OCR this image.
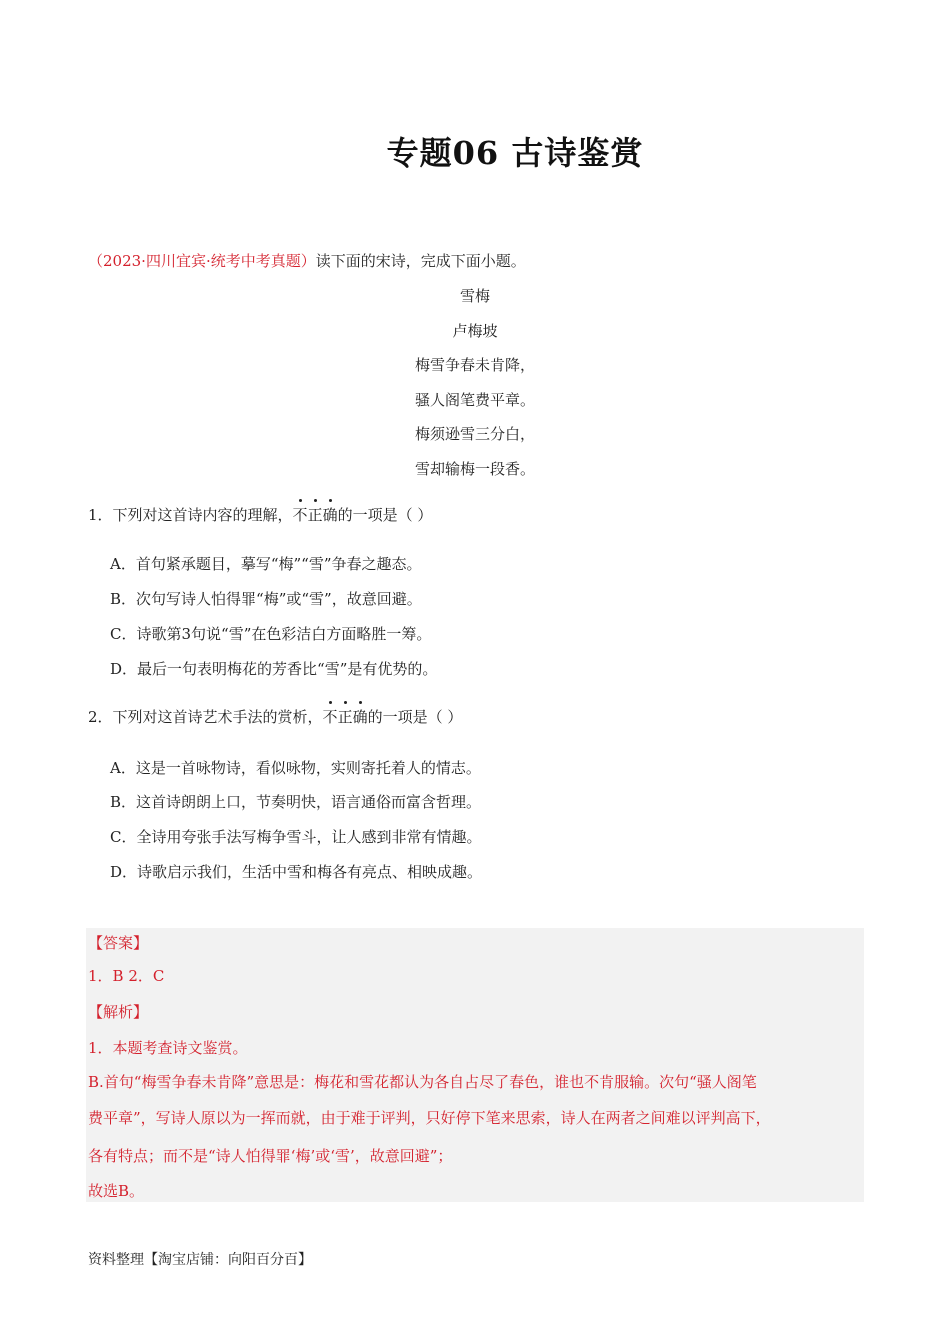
专题06 古诗鉴赏
（2023·四川宜宾·统考中考真题）读下面的宋诗，完成下面小题。
雪梅
卢梅坡
梅雪争春未肯降，
骚人阁笔费平章。
梅须逊雪三分白，
雪却输梅一段香。
1．下列对这首诗内容的理解，不正确的一项是（ ）
A．首句紧承题目，摹写“梅”“雪”争春之趣态。
B．次句写诗人怕得罪“梅”或“雪”，故意回避。
C．诗歌第3句说“雪”在色彩洁白方面略胜一筹。
D．最后一句表明梅花的芳香比“雪”是有优势的。
2．下列对这首诗艺术手法的赏析，不正确的一项是（ ）
A．这是一首咏物诗，看似咏物，实则寄托着人的情志。
B．这首诗朗朗上口，节奏明快，语言通俗而富含哲理。
C．全诗用夸张手法写梅争雪斗，让人感到非常有情趣。
D．诗歌启示我们，生活中雪和梅各有亮点、相映成趣。
【答案】
1．B 2．C
【解析】
1．本题考查诗文鉴赏。
B.首句“梅雪争春未肯降”意思是：梅花和雪花都认为各自占尽了春色，谁也不肯服输。次句“骚人阁笔
费平章”，写诗人原以为一挥而就，由于难于评判，只好停下笔来思索，诗人在两者之间难以评判高下，
各有特点；而不是“诗人怕得罪‘梅’或‘雪’，故意回避”；
故选B。
资料整理【淘宝店铺：向阳百分百】
